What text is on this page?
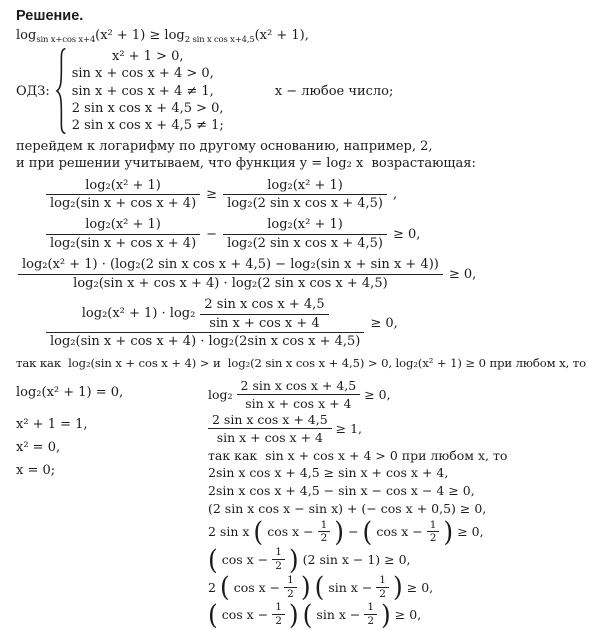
Решение.
$\log_{sin x+cos x+4}(x^2 + 1) \ge \log_{2 sin x cos x+4,5}(x^2 + 1)$,
ОДЗ:
x² + 1 > 0,
sin x + cos x + 4 > 0,
sin x + cos x + 4 ≠ 1,
2 sin x cos x + 4,5 > 0,
2 sin x cos x + 4,5 ≠ 1;
x − любое число;
перейдем к логарифму по другому основанию, например, 2,
и при решении учитываем, что функция y = log₂ x  возрастающая:
$\frac{\text{log₂(x² + 1)}}{\text{log₂(sin x + cos x + 4)}} \ge \frac{\text{log₂(x² + 1)}}{\text{log₂(2 sin x cos x + 4,5)}}$ ,
$\frac{\text{log₂(x² + 1)}}{\text{log₂(sin x + cos x + 4)}} - \frac{\text{log₂(x² + 1)}}{\text{log₂(2 sin x cos x + 4,5)}} \ge 0$,
log₂(x² + 1) · (log₂(2 sin x cos x + 4,5) − log₂(sin x + sin x + 4))
log₂(sin x + cos x + 4) · log₂(2 sin x cos x + 4,5)
≥ 0,
$\frac{\log_2(x^2 + 1) \cdot \log_2 \frac{\text{2 sin x cos x + 4,5}}{\text{sin x + cos x + 4}}}{\text{log₂(sin x + cos x + 4) · log₂(2sin x cos x + 4,5)}} \ge 0$,
так как  log₂(sin x + cos x + 4) > и  log₂(2 sin x cos x + 4,5) > 0, log₂(x² + 1) ≥ 0 при любом x, то
log₂(x² + 1) = 0,
x² + 1 = 1,
x² = 0,
x = 0;
$\log_2 \frac{\text{2 sin x cos x + 4,5}}{\text{sin x + cos x + 4}} \ge 0$,
$\frac{\text{2 sin x cos x + 4,5}}{\text{sin x + cos x + 4}} \ge 1$,
так как  sin x + cos x + 4 > 0 при любом x, то
2sin x cos x + 4,5 ≥ sin x + cos x + 4,
2sin x cos x + 4,5 − sin x − cos x − 4 ≥ 0,
(2 sin x cos x − sin x) + (− cos x + 0,5) ≥ 0,
2 sin x ( $\cos x - \frac{1}{2}$ ) − ( $\cos x - \frac{1}{2}$ ) ≥ 0,
( $\cos x - \frac{1}{2}$ ) (2 sin x − 1) ≥ 0,
2 ( $\cos x - \frac{1}{2}$ ) ( $\sin x - \frac{1}{2}$ ) ≥ 0,
( $\cos x - \frac{1}{2}$ ) ( $\sin x - \frac{1}{2}$ ) ≥ 0,
